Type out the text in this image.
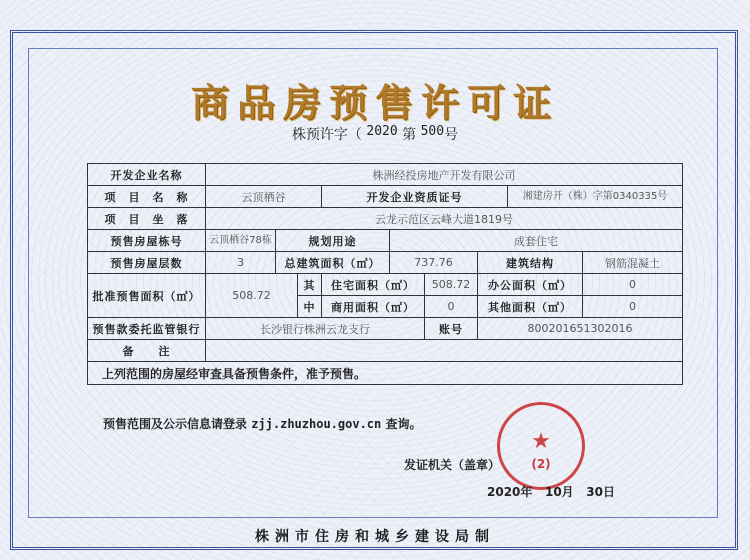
商品房预售许可证
株预许字（ 2020 第 500号
开发企业名称	株洲经投房地产开发有限公司								
项　目　名　称	云顶栖谷			开发企业资质证号				湘建房开（株）字第0340335号	
项　目　坐　落	云龙示范区云峰大道1819号								
预售房屋栋号	云顶栖谷78栋	规划用途			成套住宅				
预售房屋层数	3	总建筑面积（㎡）			737.76		建筑结构		钢筋混凝土
批准预售面积（㎡）	508.72		其	住宅面积（㎡）		508.72	办公面积（㎡）		0
			中	商用面积（㎡）		0	其他面积（㎡）		0
预售款委托监管银行	长沙银行株洲云龙支行					账号	800201651302016		
备　　注									
上列范围的房屋经审查具备预售条件，准予预售。									
预售范围及公示信息请登录 zjj.zhuzhou.gov.cn 查询。
★
(2)
发证机关（盖章）
2020年 10月 30日
株洲市住房和城乡建设局制
